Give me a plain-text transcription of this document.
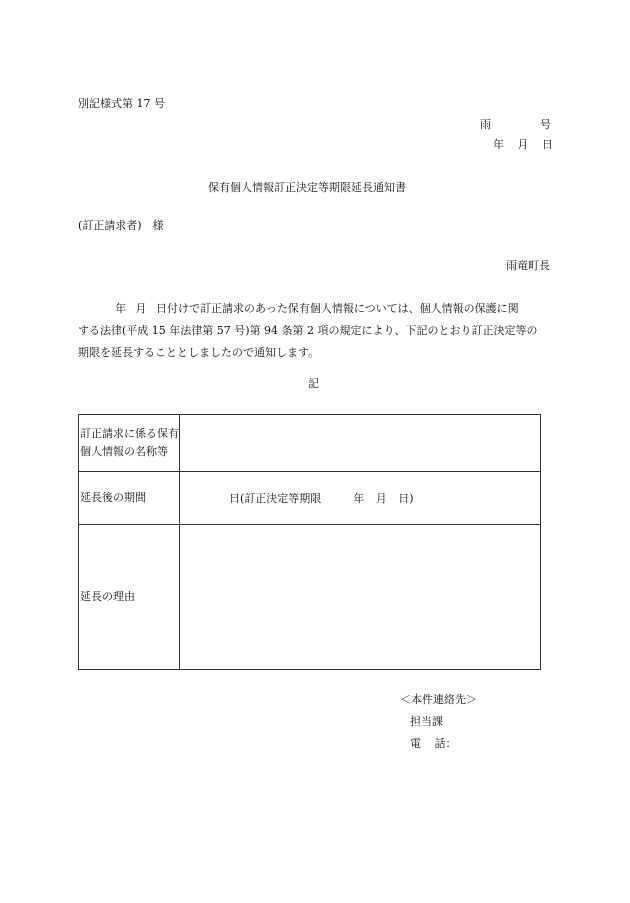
別記様式第 17 号
雨	号
年 月 日
保有個人情報訂正決定等期限延長通知書
(訂正請求者)　様
雨竜町長
年 月 日付けで訂正請求のあった保有個人情報については、個人情報の保護に関
する法律(平成 15 年法律第 57 号)第 94 条第 2 項の規定により、下記のとおり訂正決定等の
期限を延長することとしましたので通知します。
記
訂正請求に係る保有個人情報の名称等	
延長後の期間	日(訂正決定等期限 年 月 日)
延長の理由	
＜本件連絡先＞
担当課
電 話：
